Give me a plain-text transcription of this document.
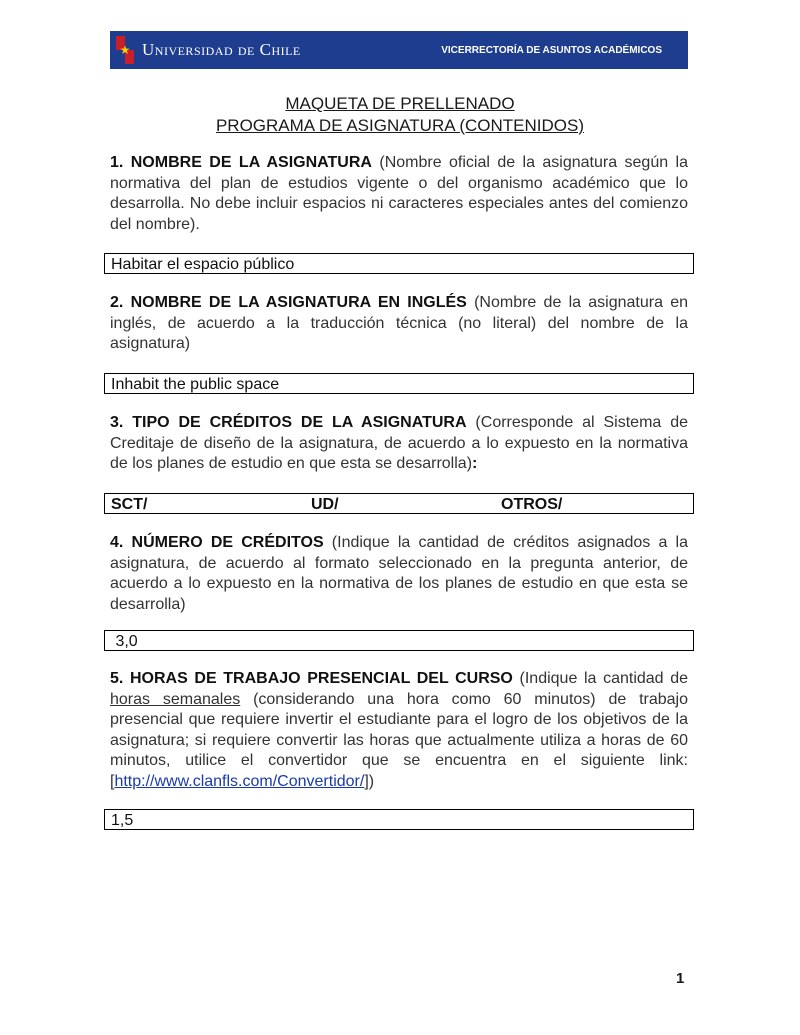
★ Universidad de Chile	VICERRECTORÍA DE ASUNTOS ACADÉMICOS
MAQUETA DE PRELLENADO
PROGRAMA DE ASIGNATURA (CONTENIDOS)
1. NOMBRE DE LA ASIGNATURA (Nombre oficial de la asignatura según la normativa del plan de estudios vigente o del organismo académico que lo desarrolla. No debe incluir espacios ni caracteres especiales antes del comienzo del nombre).
Habitar el espacio público
2. NOMBRE DE LA ASIGNATURA EN INGLÉS (Nombre de la asignatura en inglés, de acuerdo a la traducción técnica (no literal) del nombre de la asignatura)
Inhabit the public space
3. TIPO DE CRÉDITOS DE LA ASIGNATURA (Corresponde al Sistema de Creditaje de diseño de la asignatura, de acuerdo a lo expuesto en la normativa de los planes de estudio en que esta se desarrolla):
SCT/	UD/	OTROS/
4. NÚMERO DE CRÉDITOS (Indique la cantidad de créditos asignados a la asignatura, de acuerdo al formato seleccionado en la pregunta anterior, de acuerdo a lo expuesto en la normativa de los planes de estudio en que esta se desarrolla)
3,0
5. HORAS DE TRABAJO PRESENCIAL DEL CURSO (Indique la cantidad de horas semanales (considerando una hora como 60 minutos) de trabajo presencial que requiere invertir el estudiante para el logro de los objetivos de la asignatura; si requiere convertir las horas que actualmente utiliza a horas de 60 minutos, utilice el convertidor que se encuentra en el siguiente link: [http://www.clanfls.com/Convertidor/])
1,5
1
